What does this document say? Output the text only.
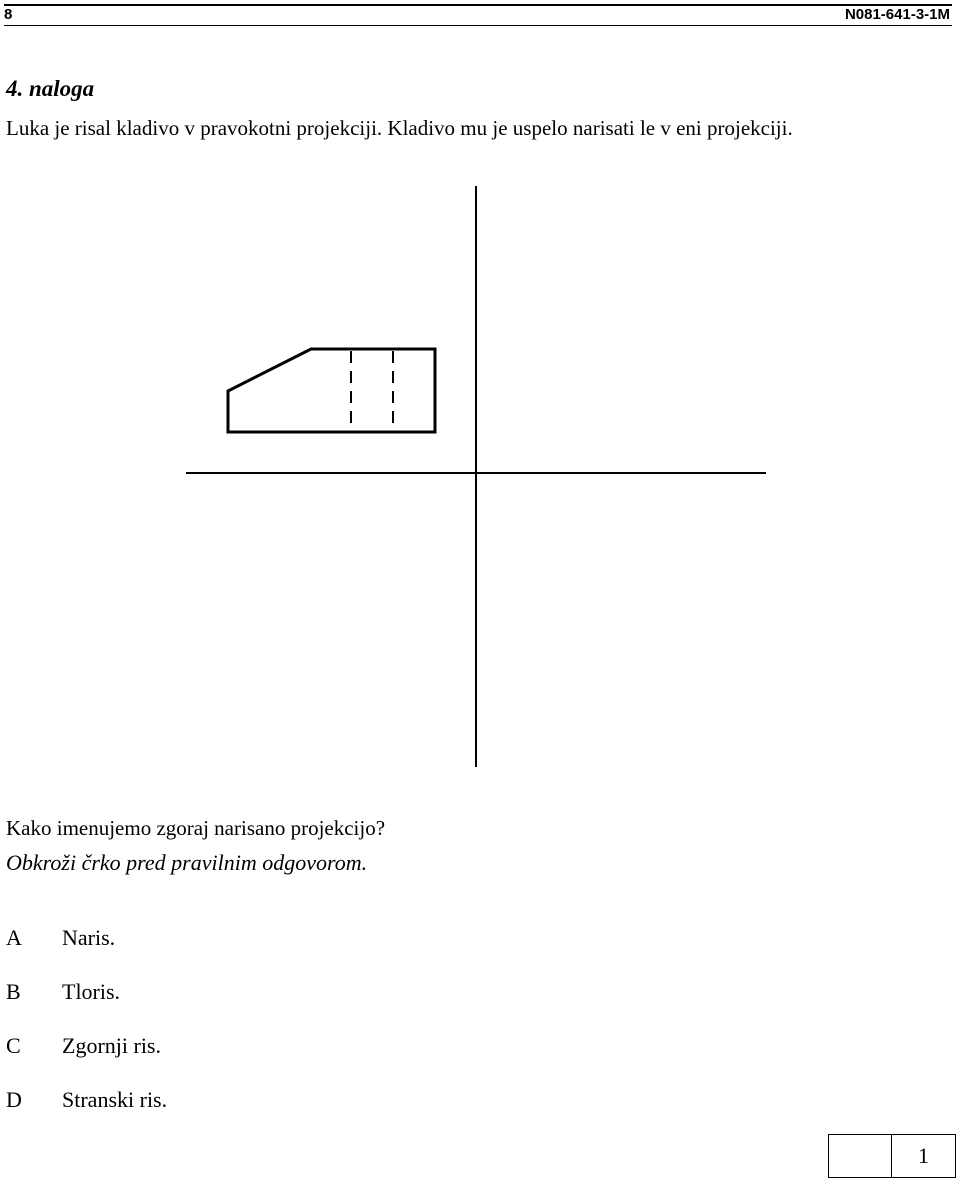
8	N081-641-3-1M
4. naloga
Luka je risal kladivo v pravokotni projekciji. Kladivo mu je uspelo narisati le v eni projekciji.
Kako imenujemo zgoraj narisano projekcijo?
Obkroži črko pred pravilnim odgovorom.
A Naris.
B Tloris.
C Zgornji ris.
D Stranski ris.
1
